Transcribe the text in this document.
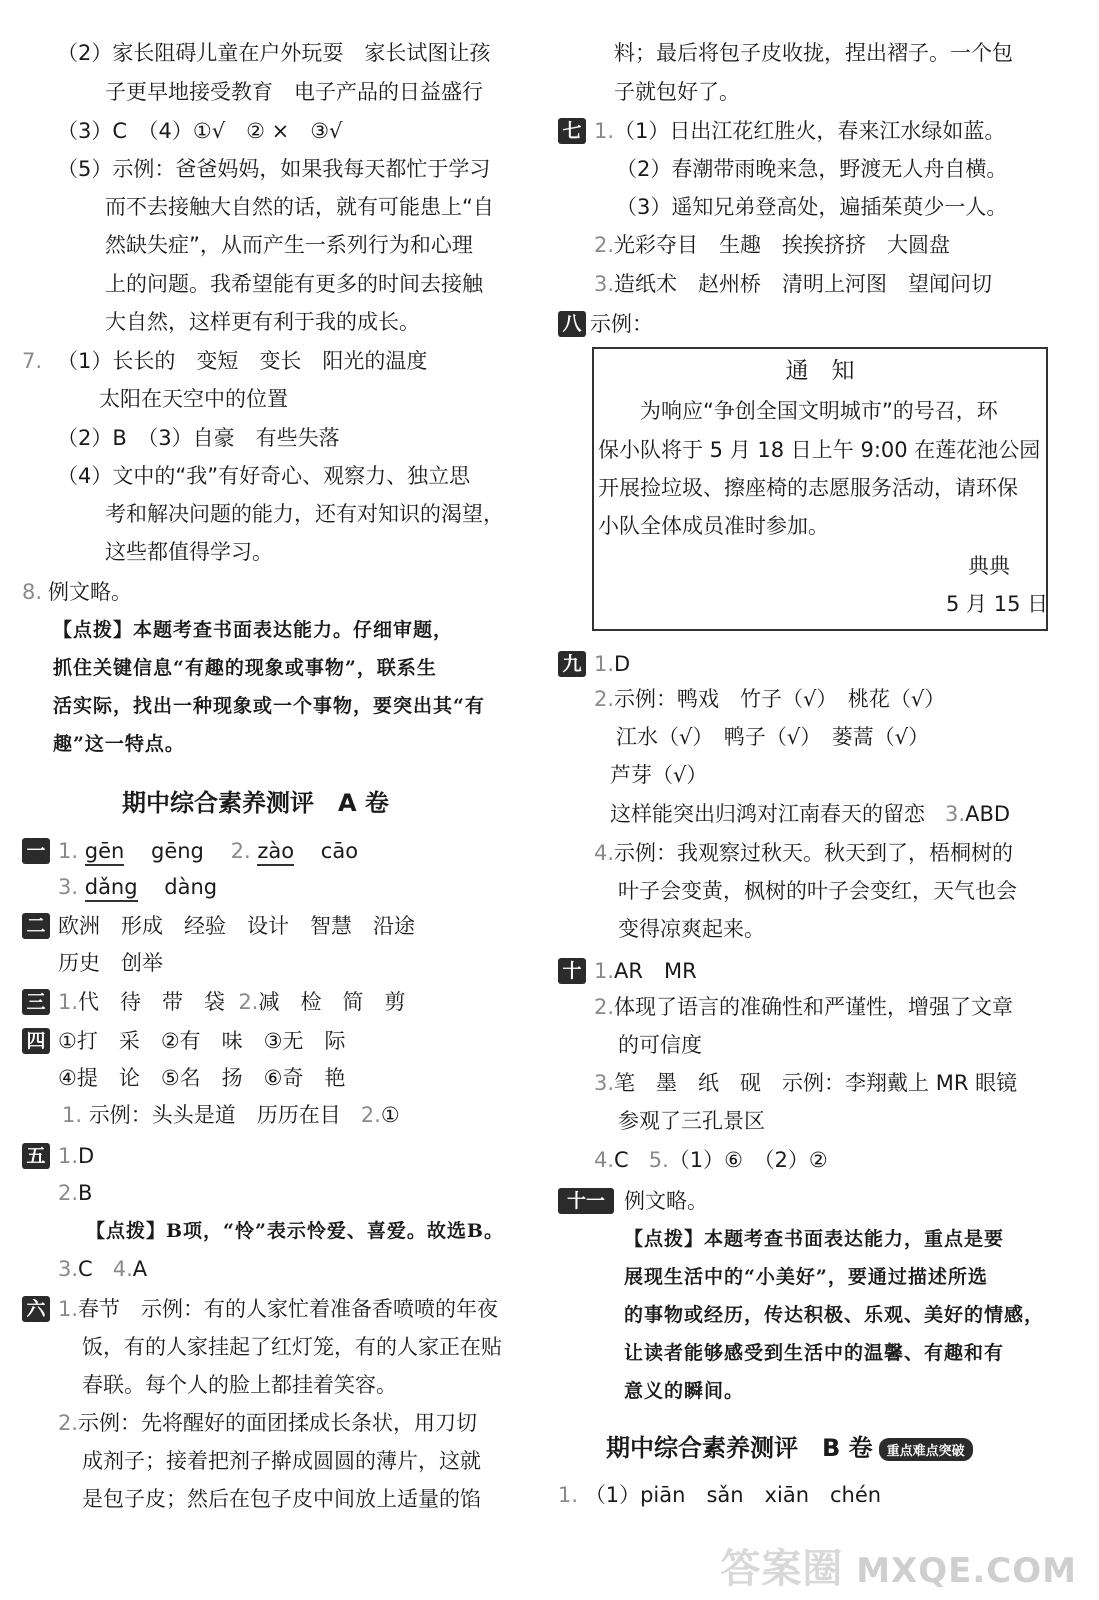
（2）家长阻碍儿童在户外玩耍　家长试图让孩
子更早地接受教育　电子产品的日益盛行
（3）C　（4）①√　② ×　③√
（5）示例：爸爸妈妈，如果我每天都忙于学习
而不去接触大自然的话，就有可能患上“自
然缺失症”，从而产生一系列行为和心理
上的问题。我希望能有更多的时间去接触
大自然，这样更有利于我的成长。
7. （1）长长的　变短　变长　阳光的温度
太阳在天空中的位置
（2）B　（3）自豪　有些失落
（4）文中的“我”有好奇心、观察力、独立思
考和解决问题的能力，还有对知识的渴望，
这些都值得学习。
8. 例文略。
【点拨】本题考查书面表达能力。仔细审题，
抓住关键信息“有趣的现象或事物”，联系生
活实际，找出一种现象或一个事物，要突出其“有
趣”这一特点。
期中综合素养测评　A 卷
一 1. gēn gēng 2. zào cāo
3. dǎng dàng
二 欧洲　形成　经验　设计　智慧　沿途
历史　创举
三 1.代　待　带　袋 2.减　检　简　剪
四 ①打　采　②有　味　③无　际
④提　论　⑤名　扬　⑥奇　艳
1. 示例：头头是道　历历在目 2.①
五 1.D
2.B
【点拨】B项，“怜”表示怜爱、喜爱。故选B。
3.C 4.A
六 1.春节　示例：有的人家忙着准备香喷喷的年夜
饭，有的人家挂起了红灯笼，有的人家正在贴
春联。每个人的脸上都挂着笑容。
2.示例：先将醒好的面团揉成长条状，用刀切
成剂子；接着把剂子擀成圆圆的薄片，这就
是包子皮；然后在包子皮中间放上适量的馅
料；最后将包子皮收拢，捏出褶子。一个包
子就包好了。
七 1.（1）日出江花红胜火，春来江水绿如蓝。
（2）春潮带雨晚来急，野渡无人舟自横。
（3）遥知兄弟登高处，遍插茱萸少一人。
2.光彩夺目　生趣　挨挨挤挤　大圆盘
3.造纸术　赵州桥　清明上河图　望闻问切
八 示例：
通　知
为响应“争创全国文明城市”的号召，环
保小队将于 5 月 18 日上午 9:00 在莲花池公园
开展捡垃圾、擦座椅的志愿服务活动，请环保
小队全体成员准时参加。
典典
5 月 15 日
九 1.D
2.示例：鸭戏　竹子（√）　桃花（√）
江水（√）　鸭子（√）　蒌蒿（√）
芦芽（√）
这样能突出归鸿对江南春天的留恋 3.ABD
4.示例：我观察过秋天。秋天到了，梧桐树的
叶子会变黄，枫树的叶子会变红，天气也会
变得凉爽起来。
十 1.AR　MR
2.体现了语言的准确性和严谨性，增强了文章
的可信度
3.笔　墨　纸　砚　示例：李翔戴上 MR 眼镜
参观了三孔景区
4.C 5.（1）⑥　（2）②
十一 例文略。
【点拨】本题考查书面表达能力，重点是要
展现生活中的“小美好”，要通过描述所选
的事物或经历，传达积极、乐观、美好的情感，
让读者能够感受到生活中的温馨、有趣和有
意义的瞬间。
期中综合素养测评　B 卷 重点难点突破
1. （1）piān　sǎn　xiān　chén
答案圈 MXQE.COM
